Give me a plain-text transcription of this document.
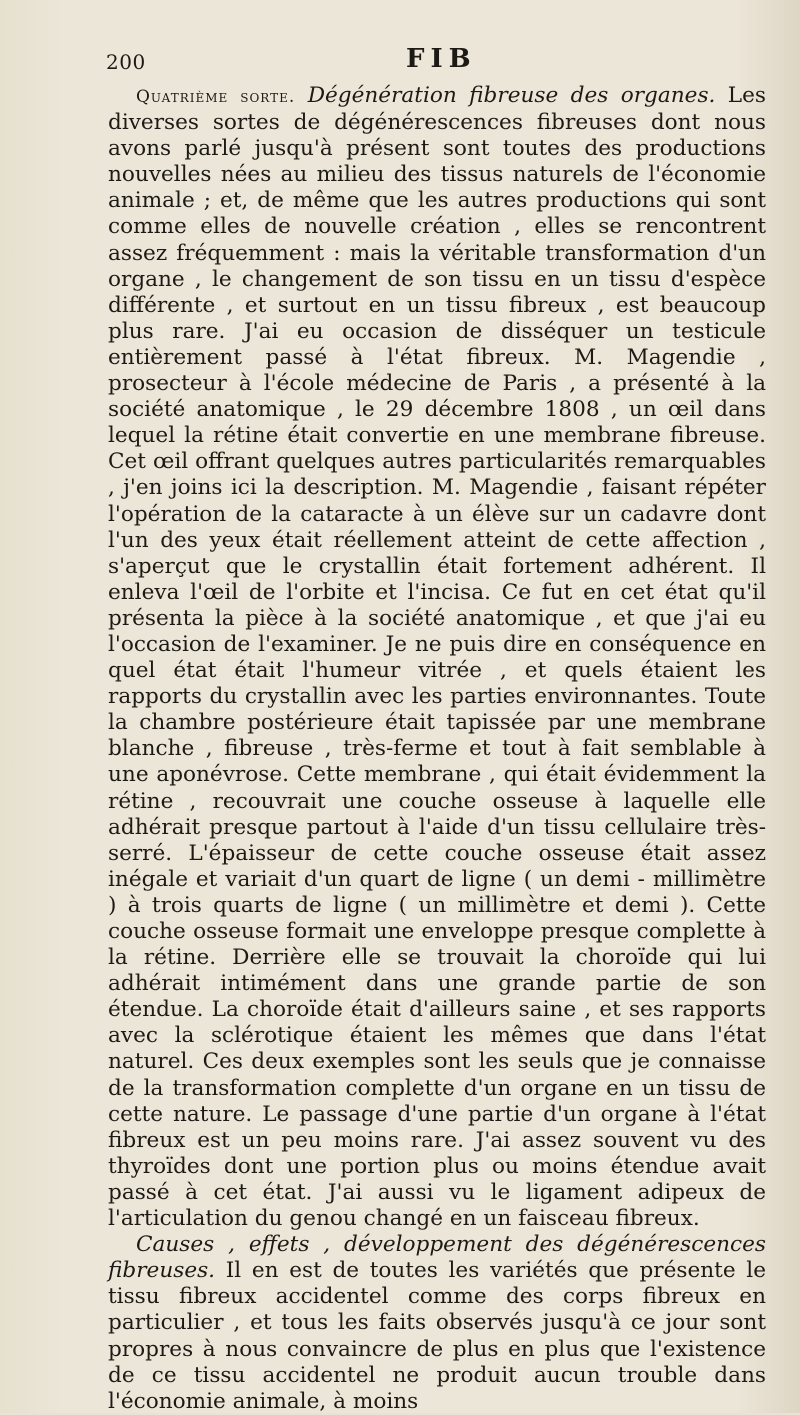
200	FIB

Quatrième sorte. Dégénération fibreuse des organes. Les diverses sortes de dégénérescences fibreuses dont nous avons parlé jusqu'à présent sont toutes des productions nouvelles nées au milieu des tissus naturels de l'économie animale ; et, de même que les autres productions qui sont comme elles de nouvelle création , elles se rencontrent assez fréquemment : mais la véritable transformation d'un organe , le changement de son tissu en un tissu d'espèce différente , et surtout en un tissu fibreux , est beaucoup plus rare. J'ai eu occasion de disséquer un testicule entièrement passé à l'état fibreux. M. Magendie , prosecteur à l'école médecine de Paris , a présenté à la société anatomique , le 29 décembre 1808 , un œil dans lequel la rétine était convertie en une membrane fibreuse. Cet œil offrant quelques autres particularités remarquables , j'en joins ici la description. M. Magendie , faisant répéter l'opération de la cataracte à un élève sur un cadavre dont l'un des yeux était réellement atteint de cette affection , s'aperçut que le crystallin était fortement adhérent. Il enleva l'œil de l'orbite et l'incisa. Ce fut en cet état qu'il présenta la pièce à la société anatomique , et que j'ai eu l'occasion de l'examiner. Je ne puis dire en conséquence en quel état était l'humeur vitrée , et quels étaient les rapports du crystallin avec les parties environnantes. Toute la chambre postérieure était tapissée par une membrane blanche , fibreuse , très-ferme et tout à fait semblable à une aponévrose. Cette membrane , qui était évidemment la rétine , recouvrait une couche osseuse à laquelle elle adhérait presque partout à l'aide d'un tissu cellulaire très-serré. L'épaisseur de cette couche osseuse était assez inégale et variait d'un quart de ligne ( un demi - millimètre ) à trois quarts de ligne ( un millimètre et demi ). Cette couche osseuse formait une enveloppe presque complette à la rétine. Derrière elle se trouvait la choroïde qui lui adhérait intimément dans une grande partie de son étendue. La choroïde était d'ailleurs saine , et ses rapports avec la sclérotique étaient les mêmes que dans l'état naturel. Ces deux exemples sont les seuls que je connaisse de la transformation complette d'un organe en un tissu de cette nature. Le passage d'une partie d'un organe à l'état fibreux est un peu moins rare. J'ai assez souvent vu des thyroïdes dont une portion plus ou moins étendue avait passé à cet état. J'ai aussi vu le ligament adipeux de l'articulation du genou changé en un faisceau fibreux.

Causes , effets , développement des dégénérescences fibreuses. Il en est de toutes les variétés que présente le tissu fibreux accidentel comme des corps fibreux en particulier , et tous les faits observés jusqu'à ce jour sont propres à nous convaincre de plus en plus que l'existence de ce tissu accidentel ne produit aucun trouble dans l'économie animale, à moins
